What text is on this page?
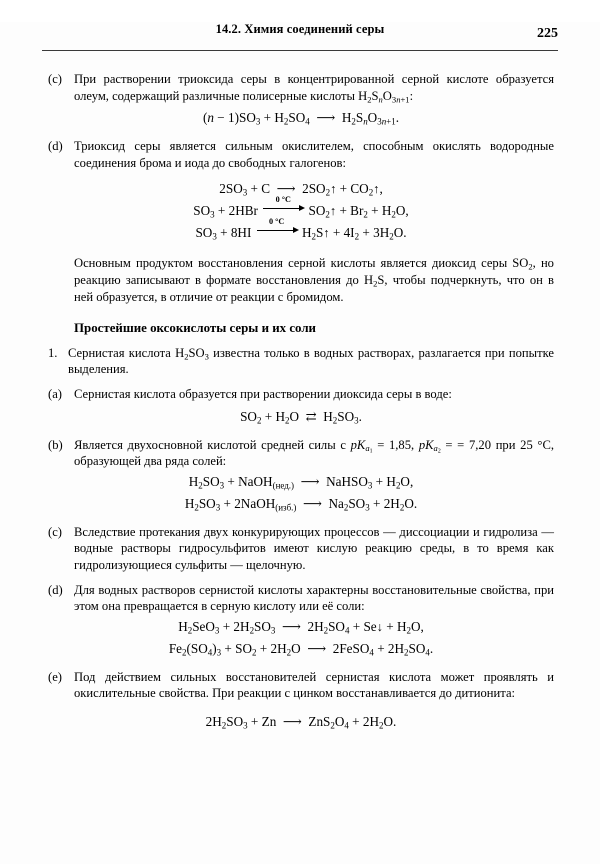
14.2. Химия соединений серы	225
(c) При растворении триоксида серы в концентрированной серной кислоте образуется олеум, содержащий различные полисерные кислоты $H_2S_nO_{3n+1}$:

$(n - 1)SO_3 + H_2SO_4$  ⟶  $H_2S_nO_{3n+1}$.
(d) Триоксид серы является сильным окислителем, способным окислять водородные соединения брома и иода до свободных галогенов:

$2SO_3 + C$  ⟶  $2SO_2↑$ + $CO_2↑$,
$SO_3 + 2HBr$
0 °C
$SO_2↑ + Br_2 + H_2O$,
$SO_3 + 8HI$
0 °C
$H_2S↑ + 4I_2 + 3H_2O$.

Основным продуктом восстановления серной кислоты является диоксид серы $SO_2$, но реакцию записывают в формате восстановления до $H_2S$, чтобы подчеркнуть, что он в ней образуется, в отличие от реакции с бромидом.

Простейшие оксокислоты серы и их соли
1. Сернистая кислота $H_2SO_3$ известна только в водных растворах, разлагается при попытке выделения.

(a) Сернистая кислота образуется при растворении диоксида серы в воде:

$SO_2 + H_2O$  ⇄  $H_2SO_3$.
(b) Является двухосновной кислотой средней силы с $pK_{a_1} = 1,85$, $pK_{a_2}$ = = 7,20 при 25 °C, образующей два ряда солей:

$H_2SO_3$ + NaOH$_{(нед.)}$  ⟶  NaHSO$_3$ + $H_2O$,
$H_2SO_3$ + 2NaOH$_{(изб.)}$  ⟶  $Na_2SO_3 + 2H_2O$.
(c) Вследствие протекания двух конкурирующих процессов — диссоциации и гидролиза — водные растворы гидросульфитов имеют кислую реакцию среды, в то время как гидролизующиеся сульфиты — щелочную.

(d) Для водных растворов сернистой кислоты характерны восстановительные свойства, при этом она превращается в серную кислоту или её соли:

$H_2SeO_3 + 2H_2SO_3$  ⟶  $2H_2SO_4$ + Se↓ + $H_2O$,
$Fe_2(SO_4)_3 + SO_2 + 2H_2O$  ⟶  2FeSO$_4$ + $2H_2SO_4$.
(e) Под действием сильных восстановителей сернистая кислота может проявлять и окислительные свойства. При реакции с цинком восстанавливается до дитионита:

$2H_2SO_3 + Zn$  ⟶  $ZnS_2O_4 + 2H_2O$.
